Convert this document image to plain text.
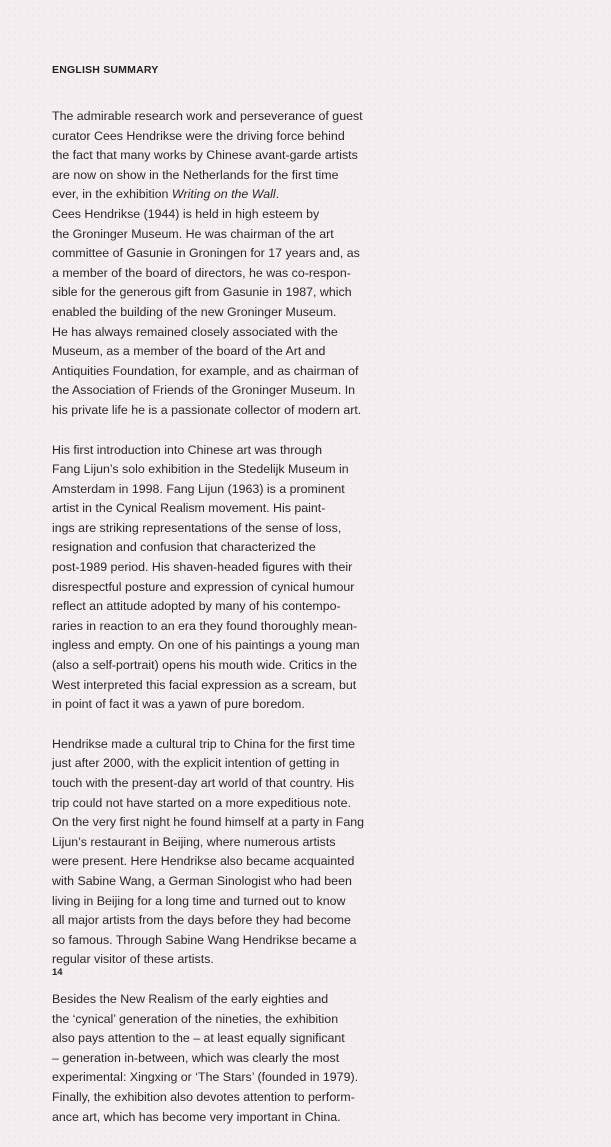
ENGLISH SUMMARY
The admirable research work and perseverance of guest
curator Cees Hendrikse were the driving force behind
the fact that many works by Chinese avant-garde artists
are now on show in the Netherlands for the first time
ever, in the exhibition Writing on the Wall.
Cees Hendrikse (1944) is held in high esteem by
the Groninger Museum. He was chairman of the art
committee of Gasunie in Groningen for 17 years and, as
a member of the board of directors, he was co-respon-
sible for the generous gift from Gasunie in 1987, which
enabled the building of the new Groninger Museum.
He has always remained closely associated with the
Museum, as a member of the board of the Art and
Antiquities Foundation, for example, and as chairman of
the Association of Friends of the Groninger Museum. In
his private life he is a passionate collector of modern art.
His first introduction into Chinese art was through
Fang Lijun’s solo exhibition in the Stedelijk Museum in
Amsterdam in 1998. Fang Lijun (1963) is a prominent
artist in the Cynical Realism movement. His paint-
ings are striking representations of the sense of loss,
resignation and confusion that characterized the
post-1989 period. His shaven-headed figures with their
disrespectful posture and expression of cynical humour
reflect an attitude adopted by many of his contempo-
raries in reaction to an era they found thoroughly mean-
ingless and empty. On one of his paintings a young man
(also a self-portrait) opens his mouth wide. Critics in the
West interpreted this facial expression as a scream, but
in point of fact it was a yawn of pure boredom.
Hendrikse made a cultural trip to China for the first time
just after 2000, with the explicit intention of getting in
touch with the present-day art world of that country. His
trip could not have started on a more expeditious note.
On the very first night he found himself at a party in Fang
Lijun’s restaurant in Beijing, where numerous artists
were present. Here Hendrikse also became acquainted
with Sabine Wang, a German Sinologist who had been
living in Beijing for a long time and turned out to know
all major artists from the days before they had become
so famous. Through Sabine Wang Hendrikse became a
regular visitor of these artists.
Besides the New Realism of the early eighties and
the ‘cynical’ generation of the nineties, the exhibition
also pays attention to the – at least equally significant
– generation in-between, which was clearly the most
experimental: Xingxing or ‘The Stars’ (founded in 1979).
Finally, the exhibition also devotes attention to perform-
ance art, which has become very important in China.
14
